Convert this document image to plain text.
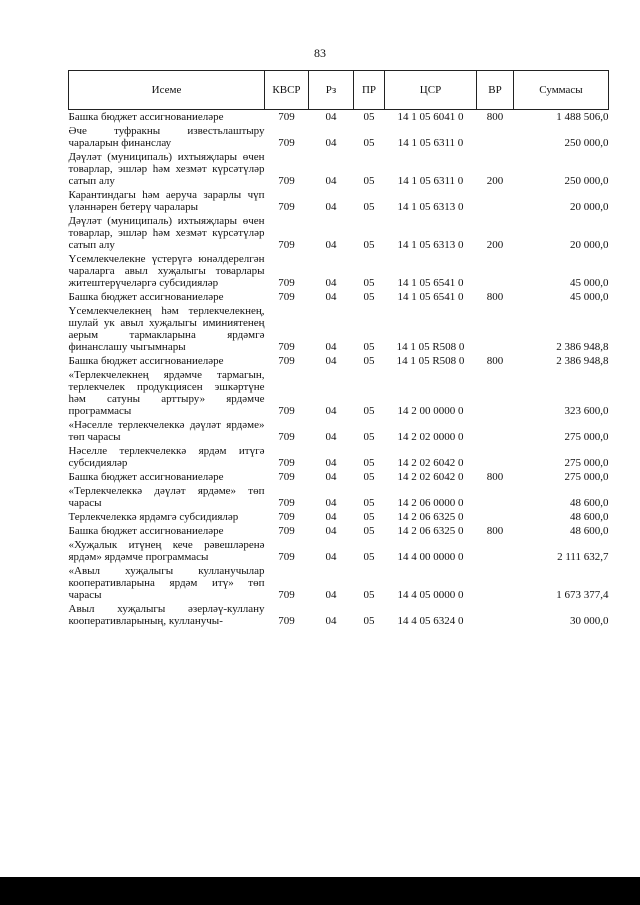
83
Исеме	КВСР	Рз	ПР	ЦСР	ВР	Суммасы
Башка бюджет ассигнованиеләре	709	04	05	14 1 05 6041 0	800	1 488 506,0
Әче туфракны известьлаштыру чараларын финанслау	709	04	05	14 1 05 6311 0		250 000,0
Дәүләт (муниципаль) ихтыяҗлары өчен товарлар, эшләр һәм хезмәт күрсәтүләр сатып алу	709	04	05	14 1 05 6311 0	200	250 000,0
Карантиндагы һәм аеруча зарарлы чүп үләннәрен бетерү чаралары	709	04	05	14 1 05 6313 0		20 000,0
Дәүләт (муниципаль) ихтыяҗлары өчен товарлар, эшләр һәм хезмәт күрсәтүләр сатып алу	709	04	05	14 1 05 6313 0	200	20 000,0
Үсемлекчелекне үстерүгә юнәлдерелгән чараларга авыл хуҗалыгы товарлары житештерүчеләргә субсидияләр	709	04	05	14 1 05 6541 0		45 000,0
Башка бюджет ассигнованиеләре	709	04	05	14 1 05 6541 0	800	45 000,0
Үсемлекчелекнең һәм терлекчелекнең, шулай ук авыл хуҗалыгы иминиятенең аерым тармакларына ярдәмгә финанслашу чыгымнары	709	04	05	14 1 05 R508 0		2 386 948,8
Башка бюджет ассигнованиеләре	709	04	05	14 1 05 R508 0	800	2 386 948,8
«Терлекчелекнең ярдәмче тармагын, терлекчелек продукциясен эшкәртүне һәм сатуны арттыру» ярдәмче программасы	709	04	05	14 2 00 0000 0		323 600,0
«Нәселле терлекчелеккә дәүләт ярдәме» төп чарасы	709	04	05	14 2 02 0000 0		275 000,0
Нәселле терлекчелеккә ярдәм итүгә субсидияләр	709	04	05	14 2 02 6042 0		275 000,0
Башка бюджет ассигнованиеләре	709	04	05	14 2 02 6042 0	800	275 000,0
«Терлекчелеккә дәүләт ярдәме» төп чарасы	709	04	05	14 2 06 0000 0		48 600,0
Терлекчелеккә ярдәмгә субсидияләр	709	04	05	14 2 06 6325 0		48 600,0
Башка бюджет ассигнованиеләре	709	04	05	14 2 06 6325 0	800	48 600,0
«Хуҗалык итүнең кече рәвешләренә ярдәм» ярдәмче программасы	709	04	05	14 4 00 0000 0		2 111 632,7
«Авыл хуҗалыгы кулланучылар кооперативларына ярдәм итү» төп чарасы	709	04	05	14 4 05 0000 0		1 673 377,4
Авыл хуҗалыгы әзерләү-куллану кооперативларының, кулланучы-	709	04	05	14 4 05 6324 0		30 000,0
